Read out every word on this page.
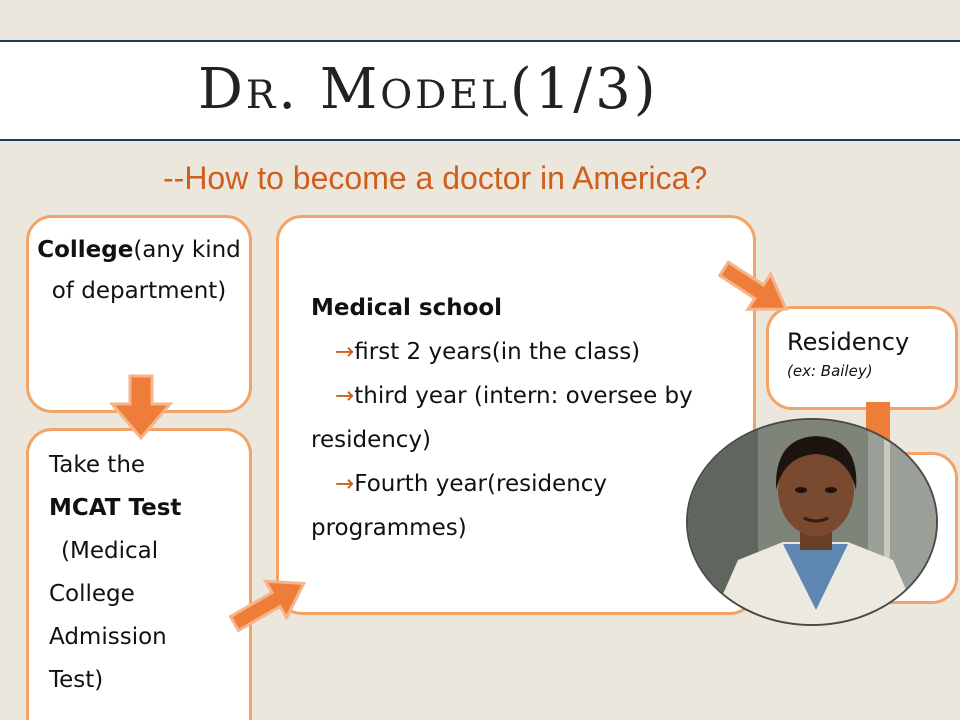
Dr. Model(1/3)
--How to become a doctor in America?
College(any kind of department)
Take the
MCAT Test
(Medical College Admission Test)
Medical school
→first 2 years(in the class)
→third year (intern: oversee by residency)
→Fourth year(residency programmes)
Residency
(ex: Bailey)
